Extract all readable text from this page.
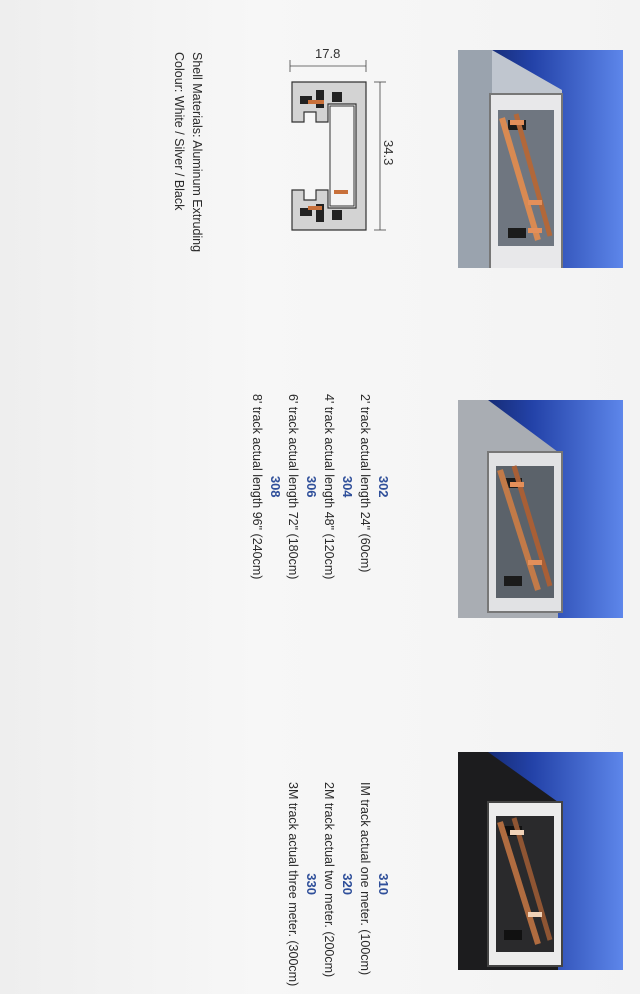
17.8
34.3
Shell Materials: Aluminum Extruding
Colour: White / Silver / Black
302
2' track actual length 24" (60cm)
304
4' track actual length 48" (120cm)
306
6' track actual length 72" (180cm)
308
8' track actual length 96" (240cm)
310
IM track actual one meter. (100cm)
320
2M track actual two meter. (200cm)
330
3M track actual three meter. (300cm)
